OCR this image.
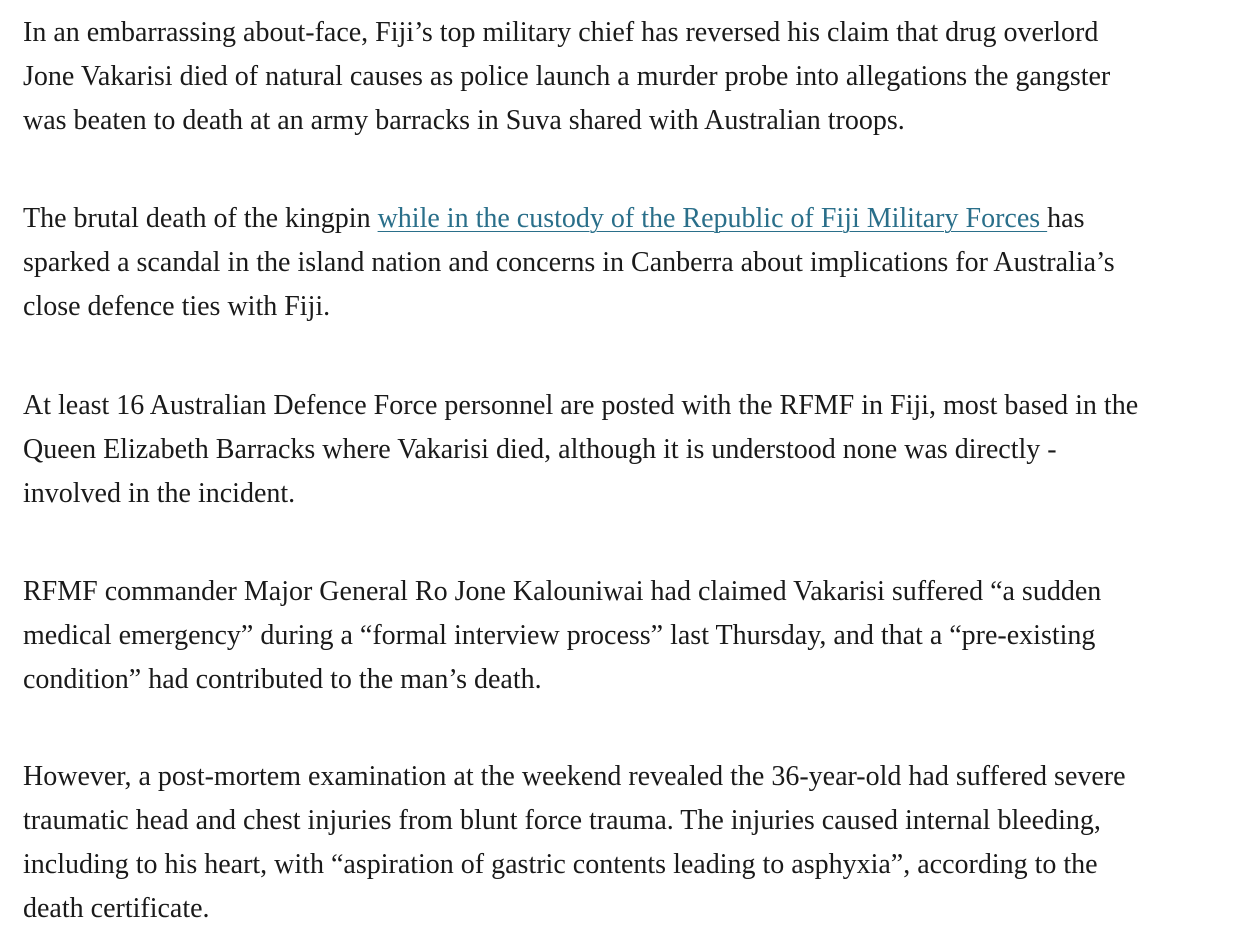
In an embarrassing about-face, Fiji’s top military chief has reversed his claim that drug overlord
Jone Vakarisi died of natural causes as police launch a murder probe into allegations the gangster
was beaten to death at an army barracks in Suva shared with Australian troops.

The brutal death of the kingpin while in the custody of the Republic of Fiji Military Forces has
sparked a scandal in the island nation and concerns in Canberra about implications for Australia’s
close defence ties with Fiji.

At least 16 Australian Defence Force personnel are posted with the RFMF in Fiji, most based in the
Queen Elizabeth Barracks where Vakarisi died, although it is understood none was directly -
involved in the incident.

RFMF commander Major General Ro Jone Kalouniwai had claimed Vakarisi suffered “a sudden
medical emergency” during a “formal interview process” last Thursday, and that a “pre-existing
condition” had contributed to the man’s death.

However, a post-mortem examination at the weekend revealed the 36-year-old had suffered severe
traumatic head and chest injuries from blunt force trauma. The injuries caused internal bleeding,
including to his heart, with “aspiration of gastric contents leading to asphyxia”, according to the
death certificate.
